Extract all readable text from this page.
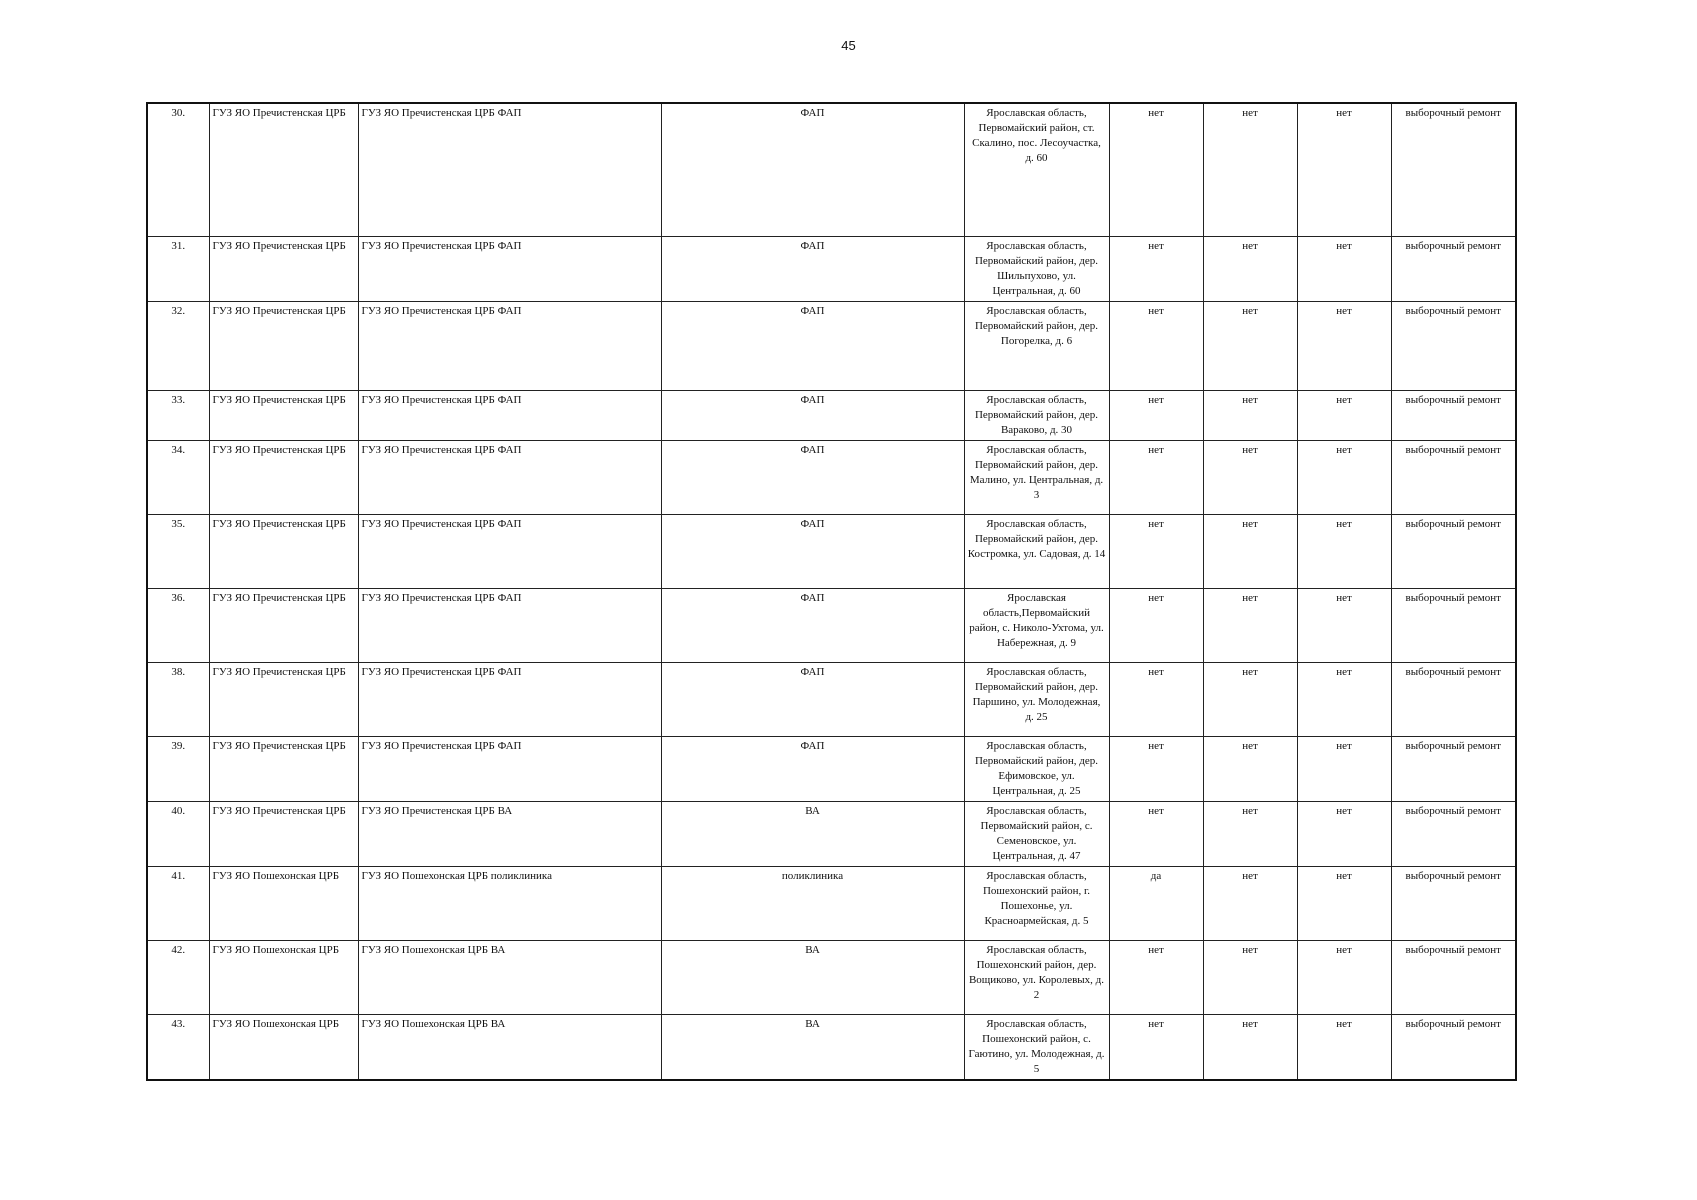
45
30.	ГУЗ ЯО Пречистенская ЦРБ	ГУЗ ЯО Пречистенская ЦРБ ФАП	ФАП	Ярославская область, Первомайский район, ст. Скалино, пос. Лесоучастка, д. 60	нет	нет	нет	выборочный ремонт
31.	ГУЗ ЯО Пречистенская ЦРБ	ГУЗ ЯО Пречистенская ЦРБ ФАП	ФАП	Ярославская область, Первомайский район, дер. Шильпухово, ул. Центральная, д. 60	нет	нет	нет	выборочный ремонт
32.	ГУЗ ЯО Пречистенская ЦРБ	ГУЗ ЯО Пречистенская ЦРБ ФАП	ФАП	Ярославская область, Первомайский район, дер. Погорелка, д. 6	нет	нет	нет	выборочный ремонт
33.	ГУЗ ЯО Пречистенская ЦРБ	ГУЗ ЯО Пречистенская ЦРБ ФАП	ФАП	Ярославская область, Первомайский район, дер. Вараково, д. 30	нет	нет	нет	выборочный ремонт
34.	ГУЗ ЯО Пречистенская ЦРБ	ГУЗ ЯО Пречистенская ЦРБ ФАП	ФАП	Ярославская область, Первомайский район, дер. Малино, ул. Центральная, д. 3	нет	нет	нет	выборочный ремонт
35.	ГУЗ ЯО Пречистенская ЦРБ	ГУЗ ЯО Пречистенская ЦРБ ФАП	ФАП	Ярославская область, Первомайский район, дер. Костромка, ул. Садовая, д. 14	нет	нет	нет	выборочный ремонт
36.	ГУЗ ЯО Пречистенская ЦРБ	ГУЗ ЯО Пречистенская ЦРБ ФАП	ФАП	Ярославская область,Первомайский район, с. Николо-Ухтома, ул. Набережная, д. 9	нет	нет	нет	выборочный ремонт
38.	ГУЗ ЯО Пречистенская ЦРБ	ГУЗ ЯО Пречистенская ЦРБ ФАП	ФАП	Ярославская область, Первомайский район, дер. Паршино, ул. Молодежная, д. 25	нет	нет	нет	выборочный ремонт
39.	ГУЗ ЯО Пречистенская ЦРБ	ГУЗ ЯО Пречистенская ЦРБ ФАП	ФАП	Ярославская область, Первомайский район, дер. Ефимовское, ул. Центральная, д. 25	нет	нет	нет	выборочный ремонт
40.	ГУЗ ЯО Пречистенская ЦРБ	ГУЗ ЯО Пречистенская ЦРБ ВА	ВА	Ярославская область, Первомайский район, с. Семеновское, ул. Центральная, д. 47	нет	нет	нет	выборочный ремонт
41.	ГУЗ ЯО Пошехонская ЦРБ	ГУЗ ЯО Пошехонская ЦРБ поликлиника	поликлиника	Ярославская область, Пошехонский район, г. Пошехонье, ул. Красноармейская, д. 5	да	нет	нет	выборочный ремонт
42.	ГУЗ ЯО Пошехонская ЦРБ	ГУЗ ЯО Пошехонская ЦРБ ВА	ВА	Ярославская область, Пошехонский район, дер. Вощиково, ул. Королевых, д. 2	нет	нет	нет	выборочный ремонт
43.	ГУЗ ЯО Пошехонская ЦРБ	ГУЗ ЯО Пошехонская ЦРБ ВА	ВА	Ярославская область, Пошехонский район, с. Гаютино, ул. Молодежная, д. 5	нет	нет	нет	выборочный ремонт
